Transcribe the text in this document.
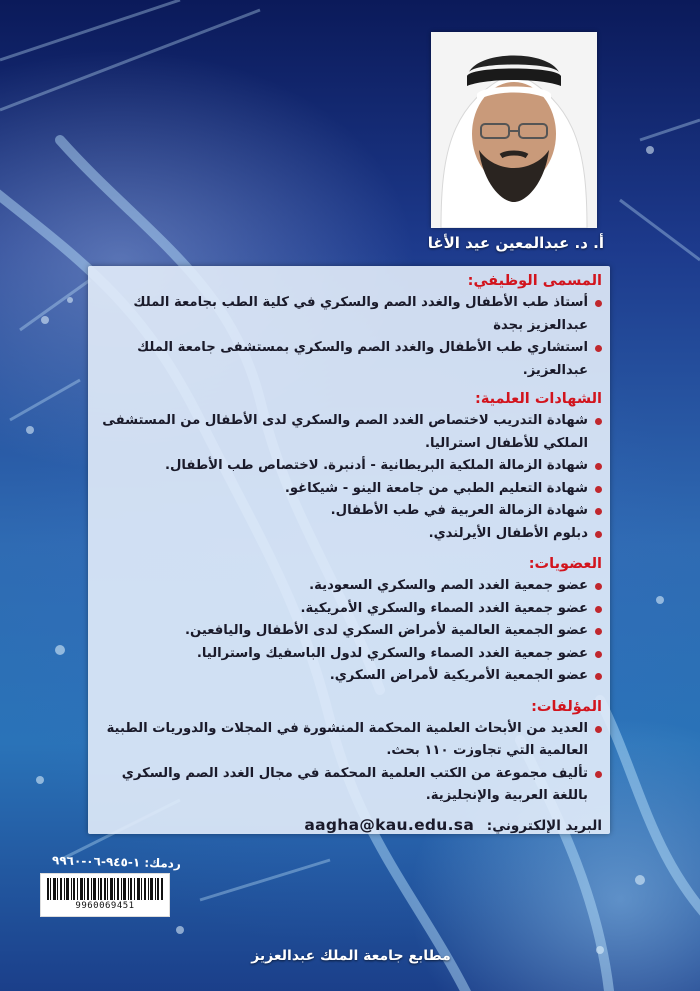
أ. د. عبدالمعين عيد الأغا
المسمى الوظيفي:
أستاذ طب الأطفال والغدد الصم والسكري في كلية الطب بجامعة الملك عبدالعزيز بجدة
استشاري طب الأطفال والغدد الصم والسكري بمستشفى جامعة الملك عبدالعزيز.
الشهادات العلمية:
شهادة التدريب لاختصاص الغدد الصم والسكري لدى الأطفال من المستشفى الملكي للأطفال استراليا.
شهادة الزمالة الملكية البريطانية - أدنبرة. لاختصاص طب الأطفال.
شهادة التعليم الطبي من جامعة الينو - شيكاغو.
شهادة الزمالة العربية في طب الأطفال.
دبلوم الأطفال الأيرلندي.
العضويات:
عضو جمعية الغدد الصم والسكري السعودية.
عضو جمعية الغدد الصماء والسكري الأمريكية.
عضو الجمعية العالمية لأمراض السكري لدى الأطفال واليافعين.
عضو جمعية الغدد الصماء والسكري لدول الباسفيك واستراليا.
عضو الجمعية الأمريكية لأمراض السكري.
المؤلفات:
العديد من الأبحاث العلمية المحكمة المنشورة في المجلات والدوريات الطبية العالمية التي تجاوزت ١١٠ بحث.
تأليف مجموعة من الكتب العلمية المحكمة في مجال الغدد الصم والسكري باللغة العربية والإنجليزية.
البريد الإلكتروني: aagha@kau.edu.sa
ردمك: ١-٩٤٥-٠٦-٩٩٦٠
9960069451
مطابع جامعة الملك عبدالعزيز
